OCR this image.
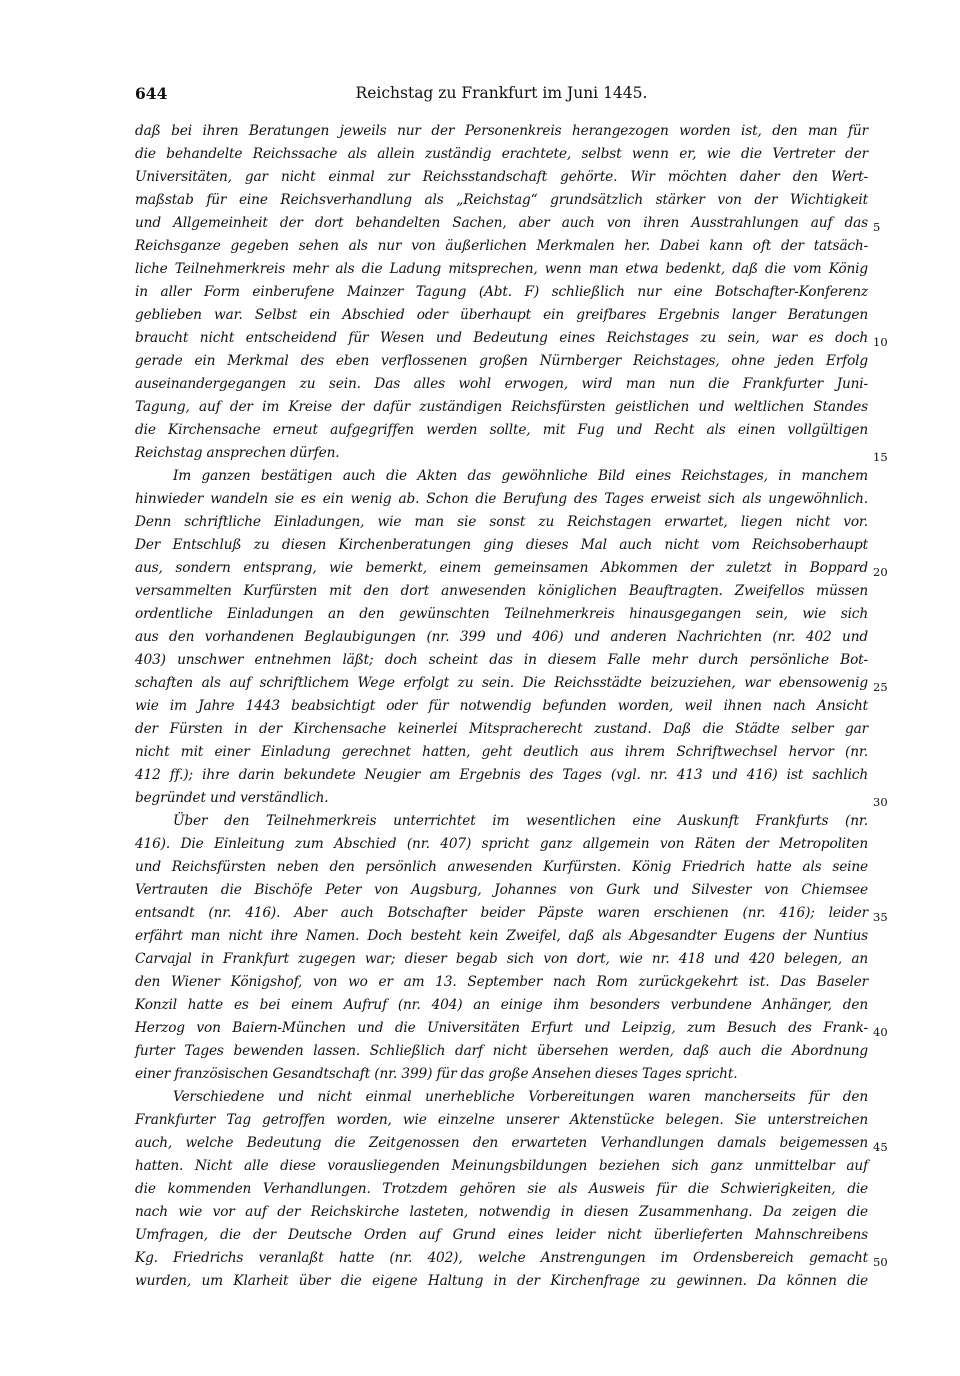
644	Reichstag zu Frankfurt im Juni 1445.
daß bei ihren Beratungen jeweils nur der Personenkreis herangezogen worden ist, den man für
die behandelte Reichssache als allein zuständig erachtete, selbst wenn er, wie die Vertreter der
Universitäten, gar nicht einmal zur Reichsstandschaft gehörte. Wir möchten daher den Wert-
maßstab für eine Reichsverhandlung als „Reichstag“ grundsätzlich stärker von der Wichtigkeit
und Allgemeinheit der dort behandelten Sachen, aber auch von ihren Ausstrahlungen auf das
Reichsganze gegeben sehen als nur von äußerlichen Merkmalen her. Dabei kann oft der tatsäch-
liche Teilnehmerkreis mehr als die Ladung mitsprechen, wenn man etwa bedenkt, daß die vom König
in aller Form einberufene Mainzer Tagung (Abt. F) schließlich nur eine Botschafter-Konferenz
geblieben war. Selbst ein Abschied oder überhaupt ein greifbares Ergebnis langer Beratungen
braucht nicht entscheidend für Wesen und Bedeutung eines Reichstages zu sein, war es doch
gerade ein Merkmal des eben verflossenen großen Nürnberger Reichstages, ohne jeden Erfolg
auseinandergegangen zu sein. Das alles wohl erwogen, wird man nun die Frankfurter Juni-
Tagung, auf der im Kreise der dafür zuständigen Reichsfürsten geistlichen und weltlichen Standes
die Kirchensache erneut aufgegriffen werden sollte, mit Fug und Recht als einen vollgültigen
Reichstag ansprechen dürfen.
Im ganzen bestätigen auch die Akten das gewöhnliche Bild eines Reichstages, in manchem
hinwieder wandeln sie es ein wenig ab. Schon die Berufung des Tages erweist sich als ungewöhnlich.
Denn schriftliche Einladungen, wie man sie sonst zu Reichstagen erwartet, liegen nicht vor.
Der Entschluß zu diesen Kirchenberatungen ging dieses Mal auch nicht vom Reichsoberhaupt
aus, sondern entsprang, wie bemerkt, einem gemeinsamen Abkommen der zuletzt in Boppard
versammelten Kurfürsten mit den dort anwesenden königlichen Beauftragten. Zweifellos müssen
ordentliche Einladungen an den gewünschten Teilnehmerkreis hinausgegangen sein, wie sich
aus den vorhandenen Beglaubigungen (nr. 399 und 406) und anderen Nachrichten (nr. 402 und
403) unschwer entnehmen läßt; doch scheint das in diesem Falle mehr durch persönliche Bot-
schaften als auf schriftlichem Wege erfolgt zu sein. Die Reichsstädte beizuziehen, war ebensowenig
wie im Jahre 1443 beabsichtigt oder für notwendig befunden worden, weil ihnen nach Ansicht
der Fürsten in der Kirchensache keinerlei Mitspracherecht zustand. Daß die Städte selber gar
nicht mit einer Einladung gerechnet hatten, geht deutlich aus ihrem Schriftwechsel hervor (nr.
412 ff.); ihre darin bekundete Neugier am Ergebnis des Tages (vgl. nr. 413 und 416) ist sachlich
begründet und verständlich.
Über den Teilnehmerkreis unterrichtet im wesentlichen eine Auskunft Frankfurts (nr.
416). Die Einleitung zum Abschied (nr. 407) spricht ganz allgemein von Räten der Metropoliten
und Reichsfürsten neben den persönlich anwesenden Kurfürsten. König Friedrich hatte als seine
Vertrauten die Bischöfe Peter von Augsburg, Johannes von Gurk und Silvester von Chiemsee
entsandt (nr. 416). Aber auch Botschafter beider Päpste waren erschienen (nr. 416); leider
erfährt man nicht ihre Namen. Doch besteht kein Zweifel, daß als Abgesandter Eugens der Nuntius
Carvajal in Frankfurt zugegen war; dieser begab sich von dort, wie nr. 418 und 420 belegen, an
den Wiener Königshof, von wo er am 13. September nach Rom zurückgekehrt ist. Das Baseler
Konzil hatte es bei einem Aufruf (nr. 404) an einige ihm besonders verbundene Anhänger, den
Herzog von Baiern-München und die Universitäten Erfurt und Leipzig, zum Besuch des Frank-
furter Tages bewenden lassen. Schließlich darf nicht übersehen werden, daß auch die Abordnung
einer französischen Gesandtschaft (nr. 399) für das große Ansehen dieses Tages spricht.
Verschiedene und nicht einmal unerhebliche Vorbereitungen waren mancherseits für den
Frankfurter Tag getroffen worden, wie einzelne unserer Aktenstücke belegen. Sie unterstreichen
auch, welche Bedeutung die Zeitgenossen den erwarteten Verhandlungen damals beigemessen
hatten. Nicht alle diese vorausliegenden Meinungsbildungen beziehen sich ganz unmittelbar auf
die kommenden Verhandlungen. Trotzdem gehören sie als Ausweis für die Schwierigkeiten, die
nach wie vor auf der Reichskirche lasteten, notwendig in diesen Zusammenhang. Da zeigen die
Umfragen, die der Deutsche Orden auf Grund eines leider nicht überlieferten Mahnschreibens
Kg. Friedrichs veranlaßt hatte (nr. 402), welche Anstrengungen im Ordensbereich gemacht
wurden, um Klarheit über die eigene Haltung in der Kirchenfrage zu gewinnen. Da können die
5
10
15
20
25
30
35
40
45
50
